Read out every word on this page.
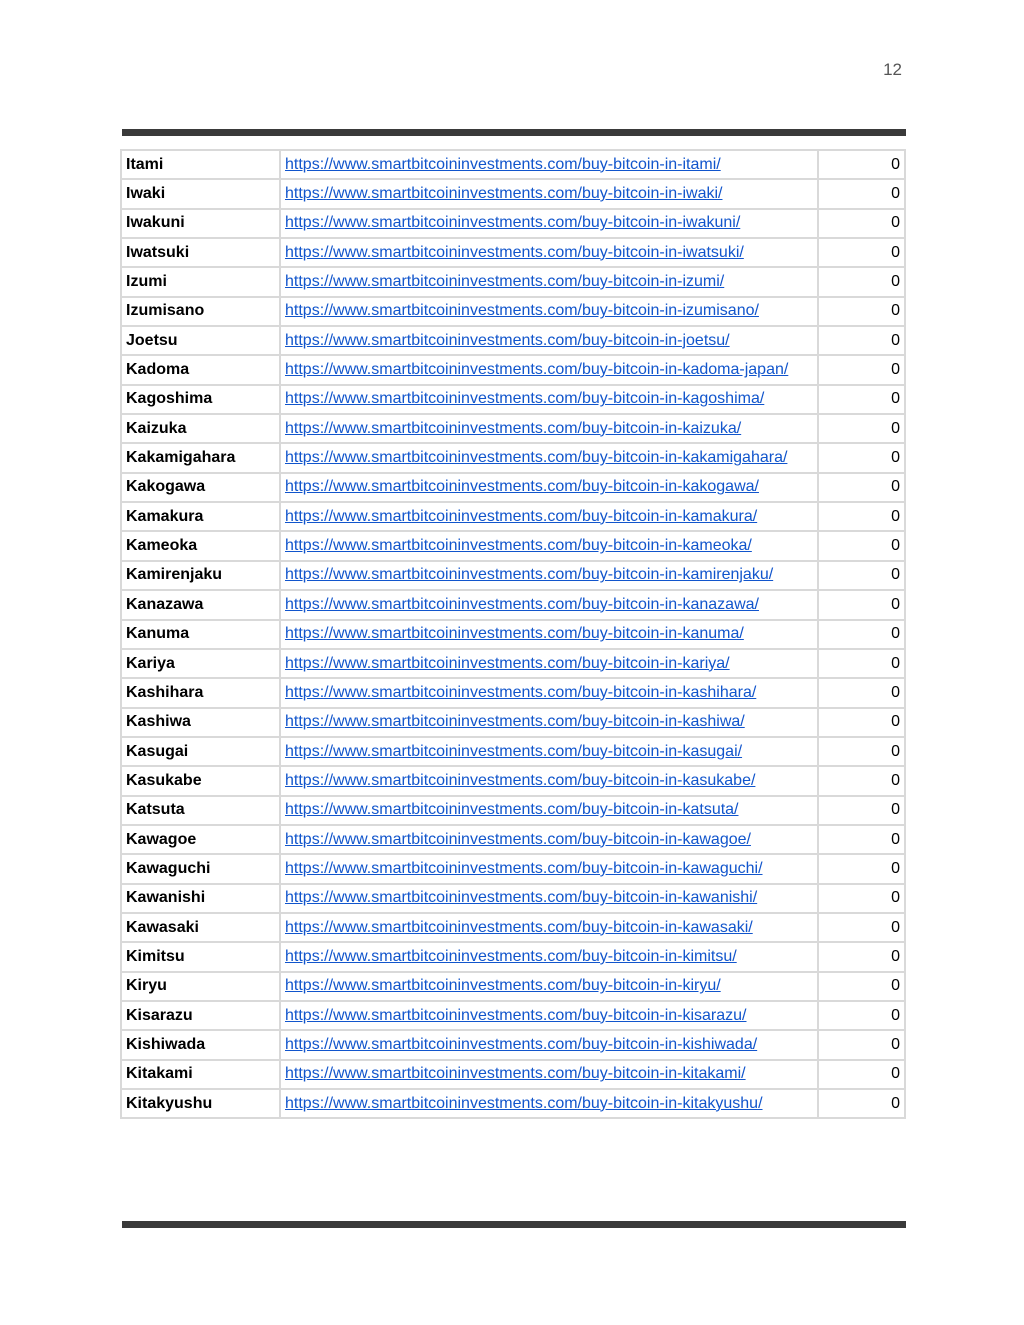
12
Itami	https://www.smartbitcoininvestments.com/buy-bitcoin-in-itami/	0
Iwaki	https://www.smartbitcoininvestments.com/buy-bitcoin-in-iwaki/	0
Iwakuni	https://www.smartbitcoininvestments.com/buy-bitcoin-in-iwakuni/	0
Iwatsuki	https://www.smartbitcoininvestments.com/buy-bitcoin-in-iwatsuki/	0
Izumi	https://www.smartbitcoininvestments.com/buy-bitcoin-in-izumi/	0
Izumisano	https://www.smartbitcoininvestments.com/buy-bitcoin-in-izumisano/	0
Joetsu	https://www.smartbitcoininvestments.com/buy-bitcoin-in-joetsu/	0
Kadoma	https://www.smartbitcoininvestments.com/buy-bitcoin-in-kadoma-japan/	0
Kagoshima	https://www.smartbitcoininvestments.com/buy-bitcoin-in-kagoshima/	0
Kaizuka	https://www.smartbitcoininvestments.com/buy-bitcoin-in-kaizuka/	0
Kakamigahara	https://www.smartbitcoininvestments.com/buy-bitcoin-in-kakamigahara/	0
Kakogawa	https://www.smartbitcoininvestments.com/buy-bitcoin-in-kakogawa/	0
Kamakura	https://www.smartbitcoininvestments.com/buy-bitcoin-in-kamakura/	0
Kameoka	https://www.smartbitcoininvestments.com/buy-bitcoin-in-kameoka/	0
Kamirenjaku	https://www.smartbitcoininvestments.com/buy-bitcoin-in-kamirenjaku/	0
Kanazawa	https://www.smartbitcoininvestments.com/buy-bitcoin-in-kanazawa/	0
Kanuma	https://www.smartbitcoininvestments.com/buy-bitcoin-in-kanuma/	0
Kariya	https://www.smartbitcoininvestments.com/buy-bitcoin-in-kariya/	0
Kashihara	https://www.smartbitcoininvestments.com/buy-bitcoin-in-kashihara/	0
Kashiwa	https://www.smartbitcoininvestments.com/buy-bitcoin-in-kashiwa/	0
Kasugai	https://www.smartbitcoininvestments.com/buy-bitcoin-in-kasugai/	0
Kasukabe	https://www.smartbitcoininvestments.com/buy-bitcoin-in-kasukabe/	0
Katsuta	https://www.smartbitcoininvestments.com/buy-bitcoin-in-katsuta/	0
Kawagoe	https://www.smartbitcoininvestments.com/buy-bitcoin-in-kawagoe/	0
Kawaguchi	https://www.smartbitcoininvestments.com/buy-bitcoin-in-kawaguchi/	0
Kawanishi	https://www.smartbitcoininvestments.com/buy-bitcoin-in-kawanishi/	0
Kawasaki	https://www.smartbitcoininvestments.com/buy-bitcoin-in-kawasaki/	0
Kimitsu	https://www.smartbitcoininvestments.com/buy-bitcoin-in-kimitsu/	0
Kiryu	https://www.smartbitcoininvestments.com/buy-bitcoin-in-kiryu/	0
Kisarazu	https://www.smartbitcoininvestments.com/buy-bitcoin-in-kisarazu/	0
Kishiwada	https://www.smartbitcoininvestments.com/buy-bitcoin-in-kishiwada/	0
Kitakami	https://www.smartbitcoininvestments.com/buy-bitcoin-in-kitakami/	0
Kitakyushu	https://www.smartbitcoininvestments.com/buy-bitcoin-in-kitakyushu/	0
